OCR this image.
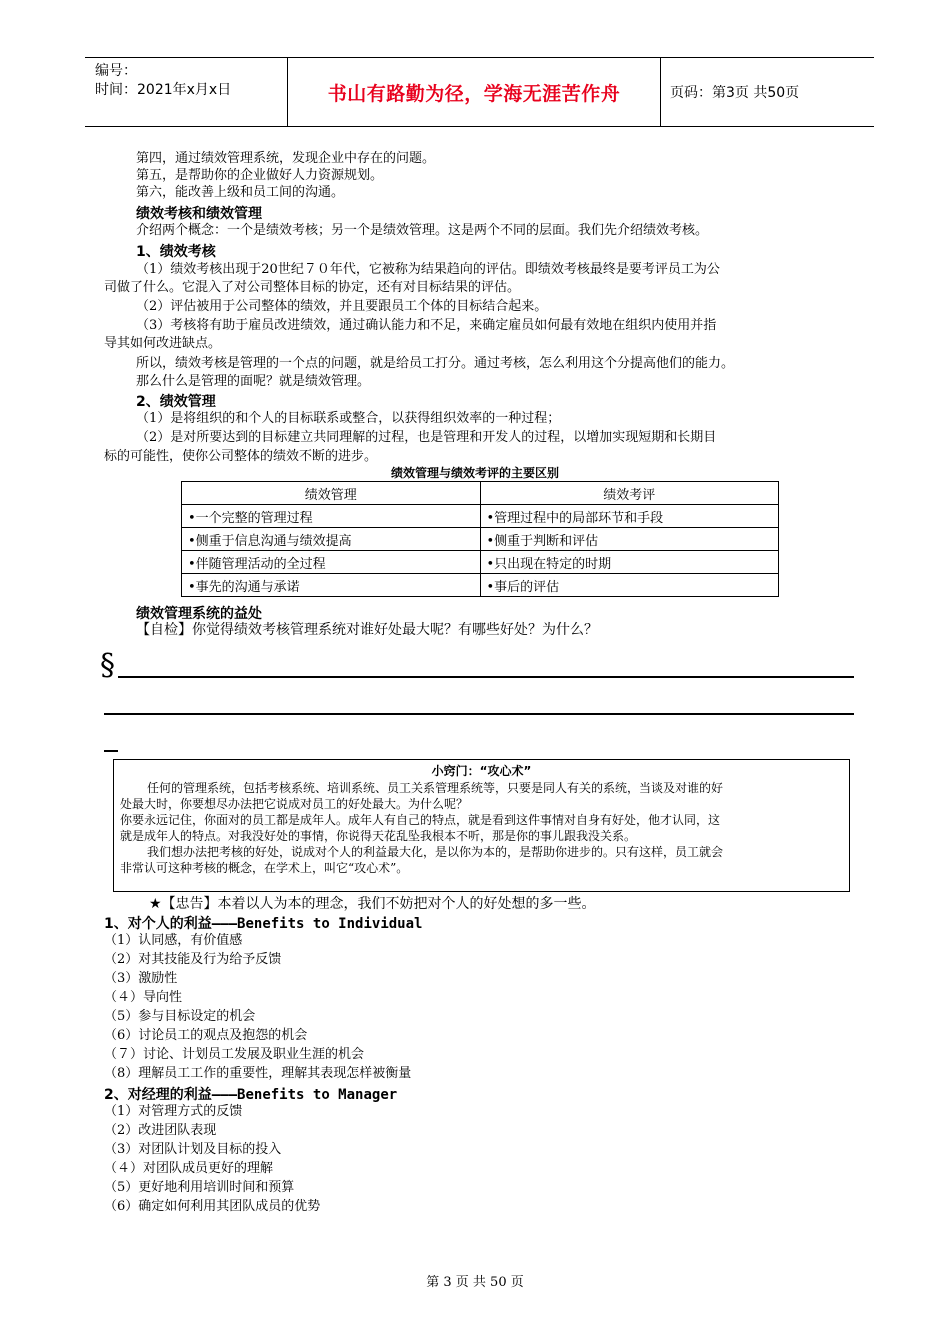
编号：
时间：2021年x月x日	书山有路勤为径，学海无涯苦作舟	页码：第3页 共50页
第四，通过绩效管理系统，发现企业中存在的问题。
第五，是帮助你的企业做好人力资源规划。
第六，能改善上级和员工间的沟通。
绩效考核和绩效管理
介绍两个概念：一个是绩效考核；另一个是绩效管理。这是两个不同的层面。我们先介绍绩效考核。
1、绩效考核
（1）绩效考核出现于20世纪７０年代，它被称为结果趋向的评估。即绩效考核最终是要考评员工为公
司做了什么。它混入了对公司整体目标的协定，还有对目标结果的评估。
（2）评估被用于公司整体的绩效，并且要跟员工个体的目标结合起来。
（3）考核将有助于雇员改进绩效，通过确认能力和不足，来确定雇员如何最有效地在组织内使用并指
导其如何改进缺点。
所以，绩效考核是管理的一个点的问题，就是给员工打分。通过考核，怎么利用这个分提高他们的能力。
那么什么是管理的面呢？就是绩效管理。
2、绩效管理
（1）是将组织的和个人的目标联系或整合，以获得组织效率的一种过程；
（2）是对所要达到的目标建立共同理解的过程，也是管理和开发人的过程，以增加实现短期和长期目
标的可能性，使你公司整体的绩效不断的进步。
绩效管理与绩效考评的主要区别
绩效管理	绩效考评
•一个完整的管理过程	•管理过程中的局部环节和手段
•侧重于信息沟通与绩效提高	•侧重于判断和评估
•伴随管理活动的全过程	•只出现在特定的时期
•事先的沟通与承诺	•事后的评估
绩效管理系统的益处
【自检】你觉得绩效考核管理系统对谁好处最大呢？有哪些好处？为什么？
§
小窍门：“攻心术”
任何的管理系统，包括考核系统、培训系统、员工关系管理系统等，只要是同人有关的系统，当谈及对谁的好
处最大时，你要想尽办法把它说成对员工的好处最大。为什么呢？
你要永远记住，你面对的员工都是成年人。成年人有自己的特点，就是看到这件事情对自身有好处，他才认同，这
就是成年人的特点。对我没好处的事情，你说得天花乱坠我根本不听，那是你的事儿跟我没关系。
我们想办法把考核的好处，说成对个人的利益最大化，是以你为本的，是帮助你进步的。只有这样，员工就会
非常认可这种考核的概念，在学术上，叫它“攻心术”。
★【忠告】本着以人为本的理念，我们不妨把对个人的好处想的多一些。
1、对个人的利益———Benefits to Individual
（1）认同感，有价值感
（2）对其技能及行为给予反馈
（3）激励性
（４）导向性
（5）参与目标设定的机会
（6）讨论员工的观点及抱怨的机会
（７）讨论、计划员工发展及职业生涯的机会
（8）理解员工工作的重要性，理解其表现怎样被衡量
2、对经理的利益———Benefits to Manager
（1）对管理方式的反馈
（2）改进团队表现
（3）对团队计划及目标的投入
（４）对团队成员更好的理解
（5）更好地利用培训时间和预算
（6）确定如何利用其团队成员的优势
第 3 页 共 50 页
